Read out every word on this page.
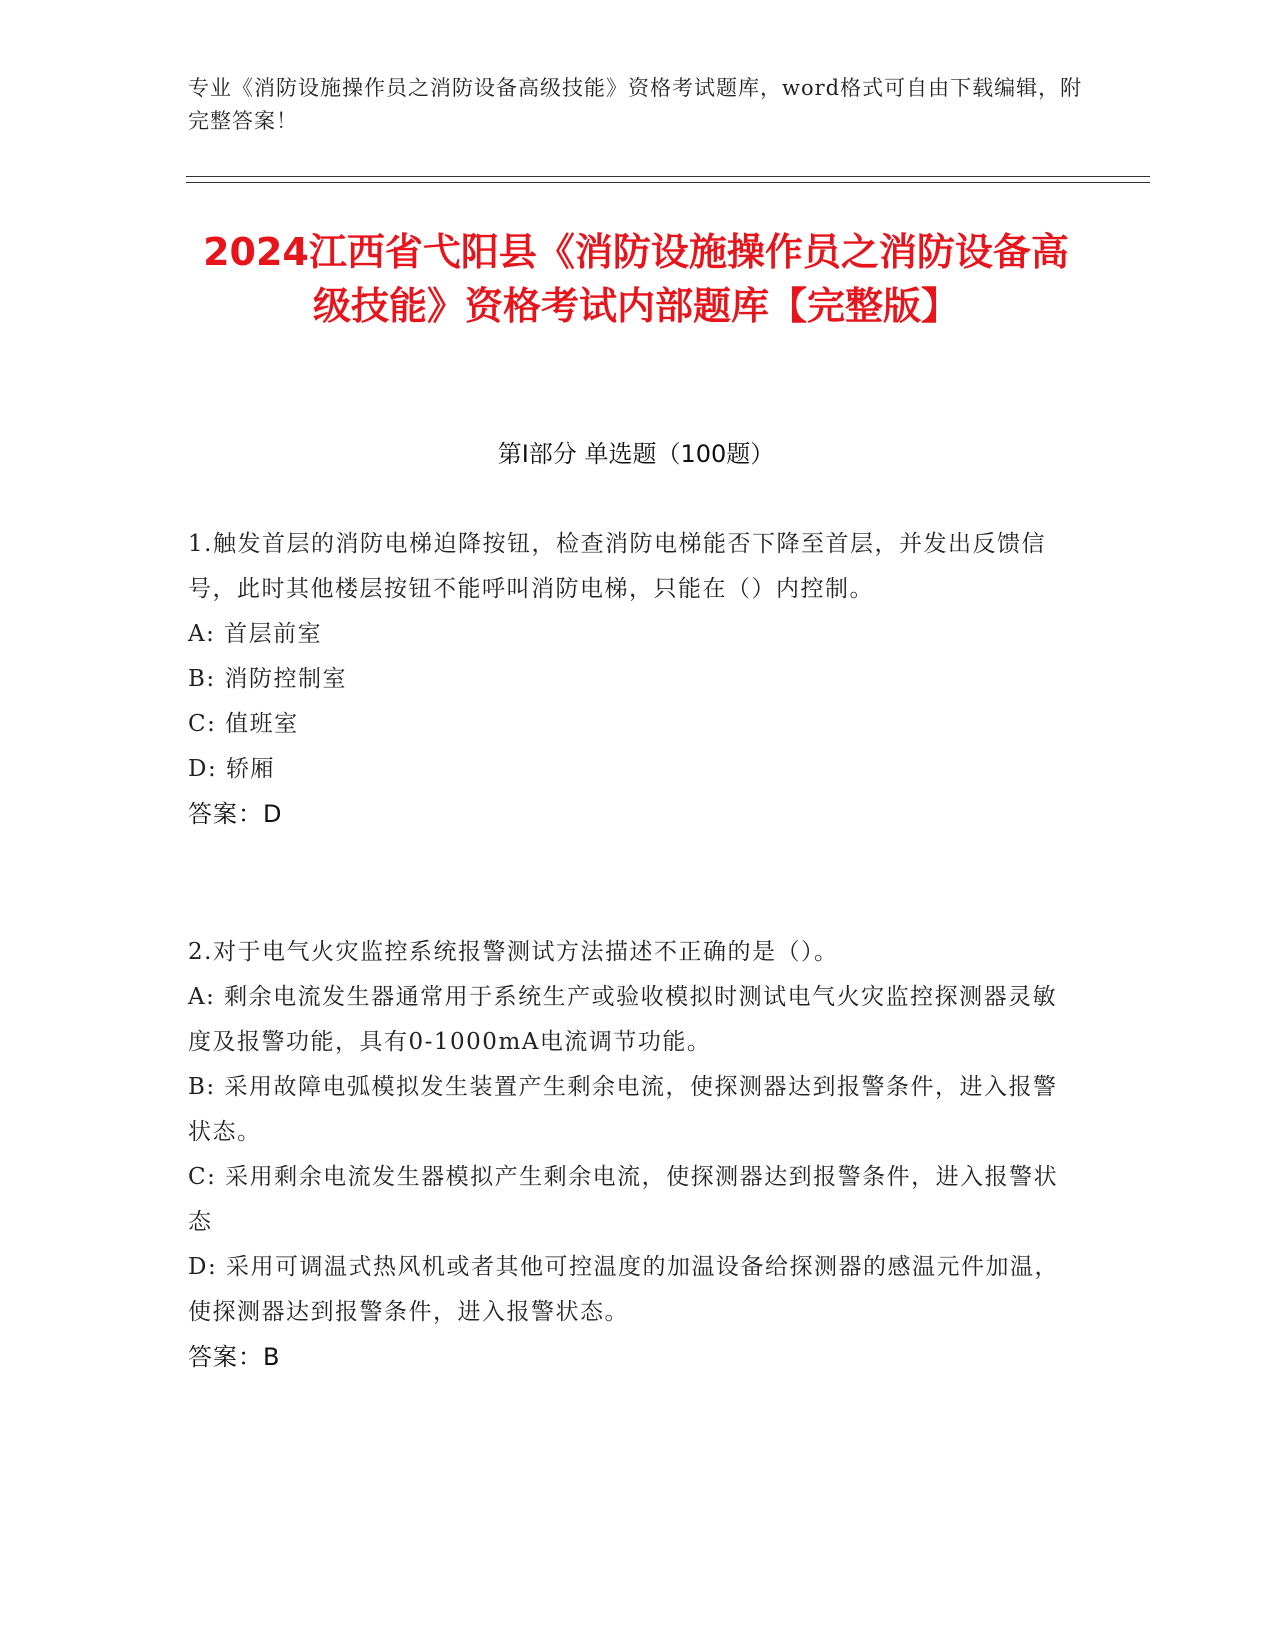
专业《消防设施操作员之消防设备高级技能》资格考试题库，word格式可自由下载编辑，附完整答案！
2024江西省弋阳县《消防设施操作员之消防设备高级技能》资格考试内部题库【完整版】
第I部分 单选题（100题）

1.触发首层的消防电梯迫降按钮，检查消防电梯能否下降至首层，并发出反馈信号，此时其他楼层按钮不能呼叫消防电梯，只能在（）内控制。

A: 首层前室

B: 消防控制室

C: 值班室

D: 轿厢

答案：D

2.对于电气火灾监控系统报警测试方法描述不正确的是（）。

A: 剩余电流发生器通常用于系统生产或验收模拟时测试电气火灾监控探测器灵敏度及报警功能，具有0-1000mA电流调节功能。

B: 采用故障电弧模拟发生装置产生剩余电流，使探测器达到报警条件，进入报警状态。

C: 采用剩余电流发生器模拟产生剩余电流，使探测器达到报警条件，进入报警状态

D: 采用可调温式热风机或者其他可控温度的加温设备给探测器的感温元件加温，使探测器达到报警条件，进入报警状态。

答案：B
